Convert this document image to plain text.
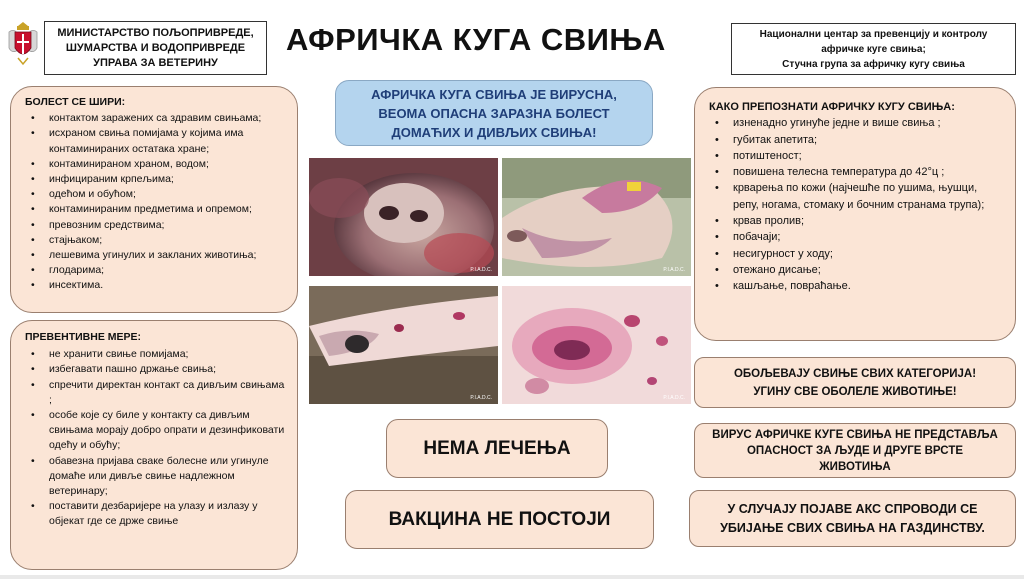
МИНИСТАРСТВО ПОЉОПРИВРЕДЕ,
ШУМАРСТВА И ВОДОПРИВРЕДЕ
УПРАВА ЗА ВЕТЕРИНУ
АФРИЧКА КУГА СВИЊА	Национални центар за превенцију и контролу
афричке куге свиња;
Стучна група за афричку кугу свиња
АФРИЧКА КУГА СВИЊА ЈЕ ВИРУСНА,
ВЕОМА ОПАСНА ЗАРАЗНА БОЛЕСТ
ДОМАЋИХ И ДИВЉИХ СВИЊА!
БОЛЕСТ СЕ ШИРИ:
• контактом заражених са здравим свињама;
• исхраном свиња помијама у којима има контаминираних остатака хране;
• контаминираном храном, водом;
• инфицираним крпељима;
• одећом и обућом;
• контаминираним предметима и опремом;
• превозним средствима;
• стајњаком;
• лешевима угинулих и закланих животиња;
• глодарима;
• инсектима.
ПРЕВЕНТИВНЕ МЕРЕ:
• не хранити свиње помијама;
• избегавати пашно држање свиња;
• спречити директан контакт са дивљим свињама ;
• особе које су биле у контакту са дивљим свињама морају добро опрати и дезинфиковати одећу и обућу;
• обавезна пријава сваке болесне или угинуле домаће или дивље свиње надлежном ветеринару;
• поставити дезбаријере на улазу и излазу у објекат где се држе свиње
P.I.A.D.C.	P.I.A.D.C.
P.I.A.D.C.	P.I.A.D.C.
КАКО ПРЕПОЗНАТИ АФРИЧКУ КУГУ СВИЊА:
• изненадно угинуће једне и више свиња ;
• губитак апетита;
• потиштеност;
• повишена телесна температура до 42°ц ;
• крварења по кожи (најчешће по ушима, њушци, репу, ногама, стомаку и бочним странама трупа);
• крвав пролив;
• побачаји;
• несигурност у ходу;
• отежано дисање;
• кашљање, повраћање.
НЕМА ЛЕЧЕЊА
ВАКЦИНА НЕ ПОСТОЈИ
ОБОЉЕВАЈУ СВИЊЕ СВИХ КАТЕГОРИЈА!
УГИНУ СВЕ ОБОЛЕЛЕ ЖИВОТИЊЕ!
ВИРУС АФРИЧКЕ КУГЕ СВИЊА НЕ ПРЕДСТАВЉА
ОПАСНОСТ ЗА ЉУДЕ И ДРУГЕ ВРСТЕ
ЖИВОТИЊА
У СЛУЧАЈУ ПОЈАВЕ АКС СПРОВОДИ СЕ
УБИЈАЊЕ СВИХ СВИЊА НА ГАЗДИНСТВУ.
